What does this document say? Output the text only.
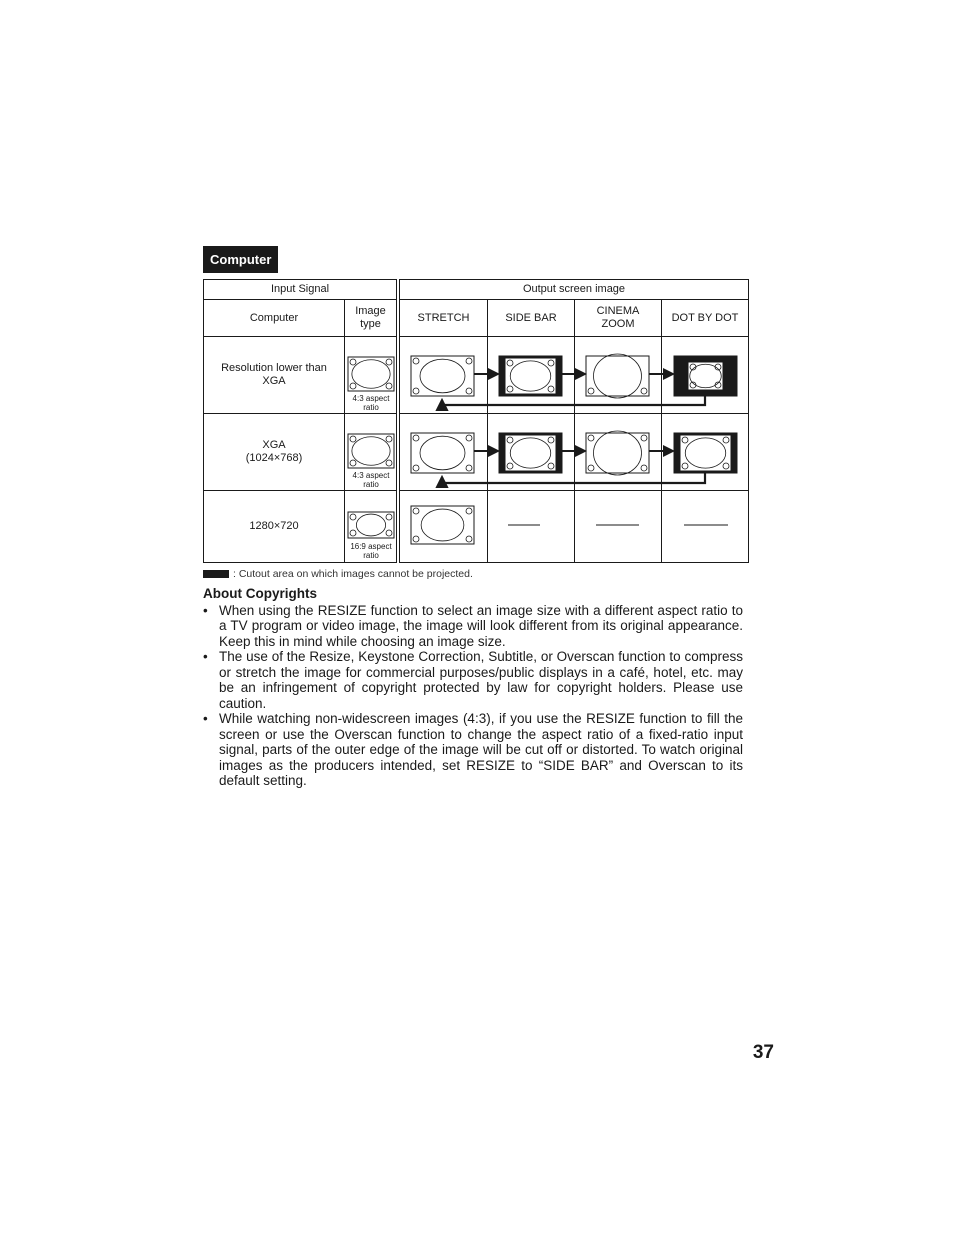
Computer
Input Signal	Output screen image
Computer
Image type
STRETCH	SIDE BAR
CINEMA ZOOM
DOT BY DOT
Resolution lower than XGA
XGA (1024×768)
1280×720
4:3 aspect ratio
4:3 aspect ratio
16:9 aspect ratio
: Cutout area on which images cannot be projected.
About Copyrights
• When using the RESIZE function to select an image size with a different aspect ratio to a TV program or video image, the image will look different from its original appearance. Keep this in mind while choosing an image size.
• The use of the Resize, Keystone Correction, Subtitle, or Overscan function to compress or stretch the image for commercial purposes/public displays in a café, hotel, etc. may be an infringement of copyright protected by law for copyright holders. Please use caution.
• While watching non-widescreen images (4:3), if you use the RESIZE function to fill the screen or use the Overscan function to change the aspect ratio of a fixed-ratio input signal, parts of the outer edge of the image will be cut off or distorted. To watch original images as the producers intended, set RESIZE to “SIDE BAR” and Overscan to its default setting.
37
